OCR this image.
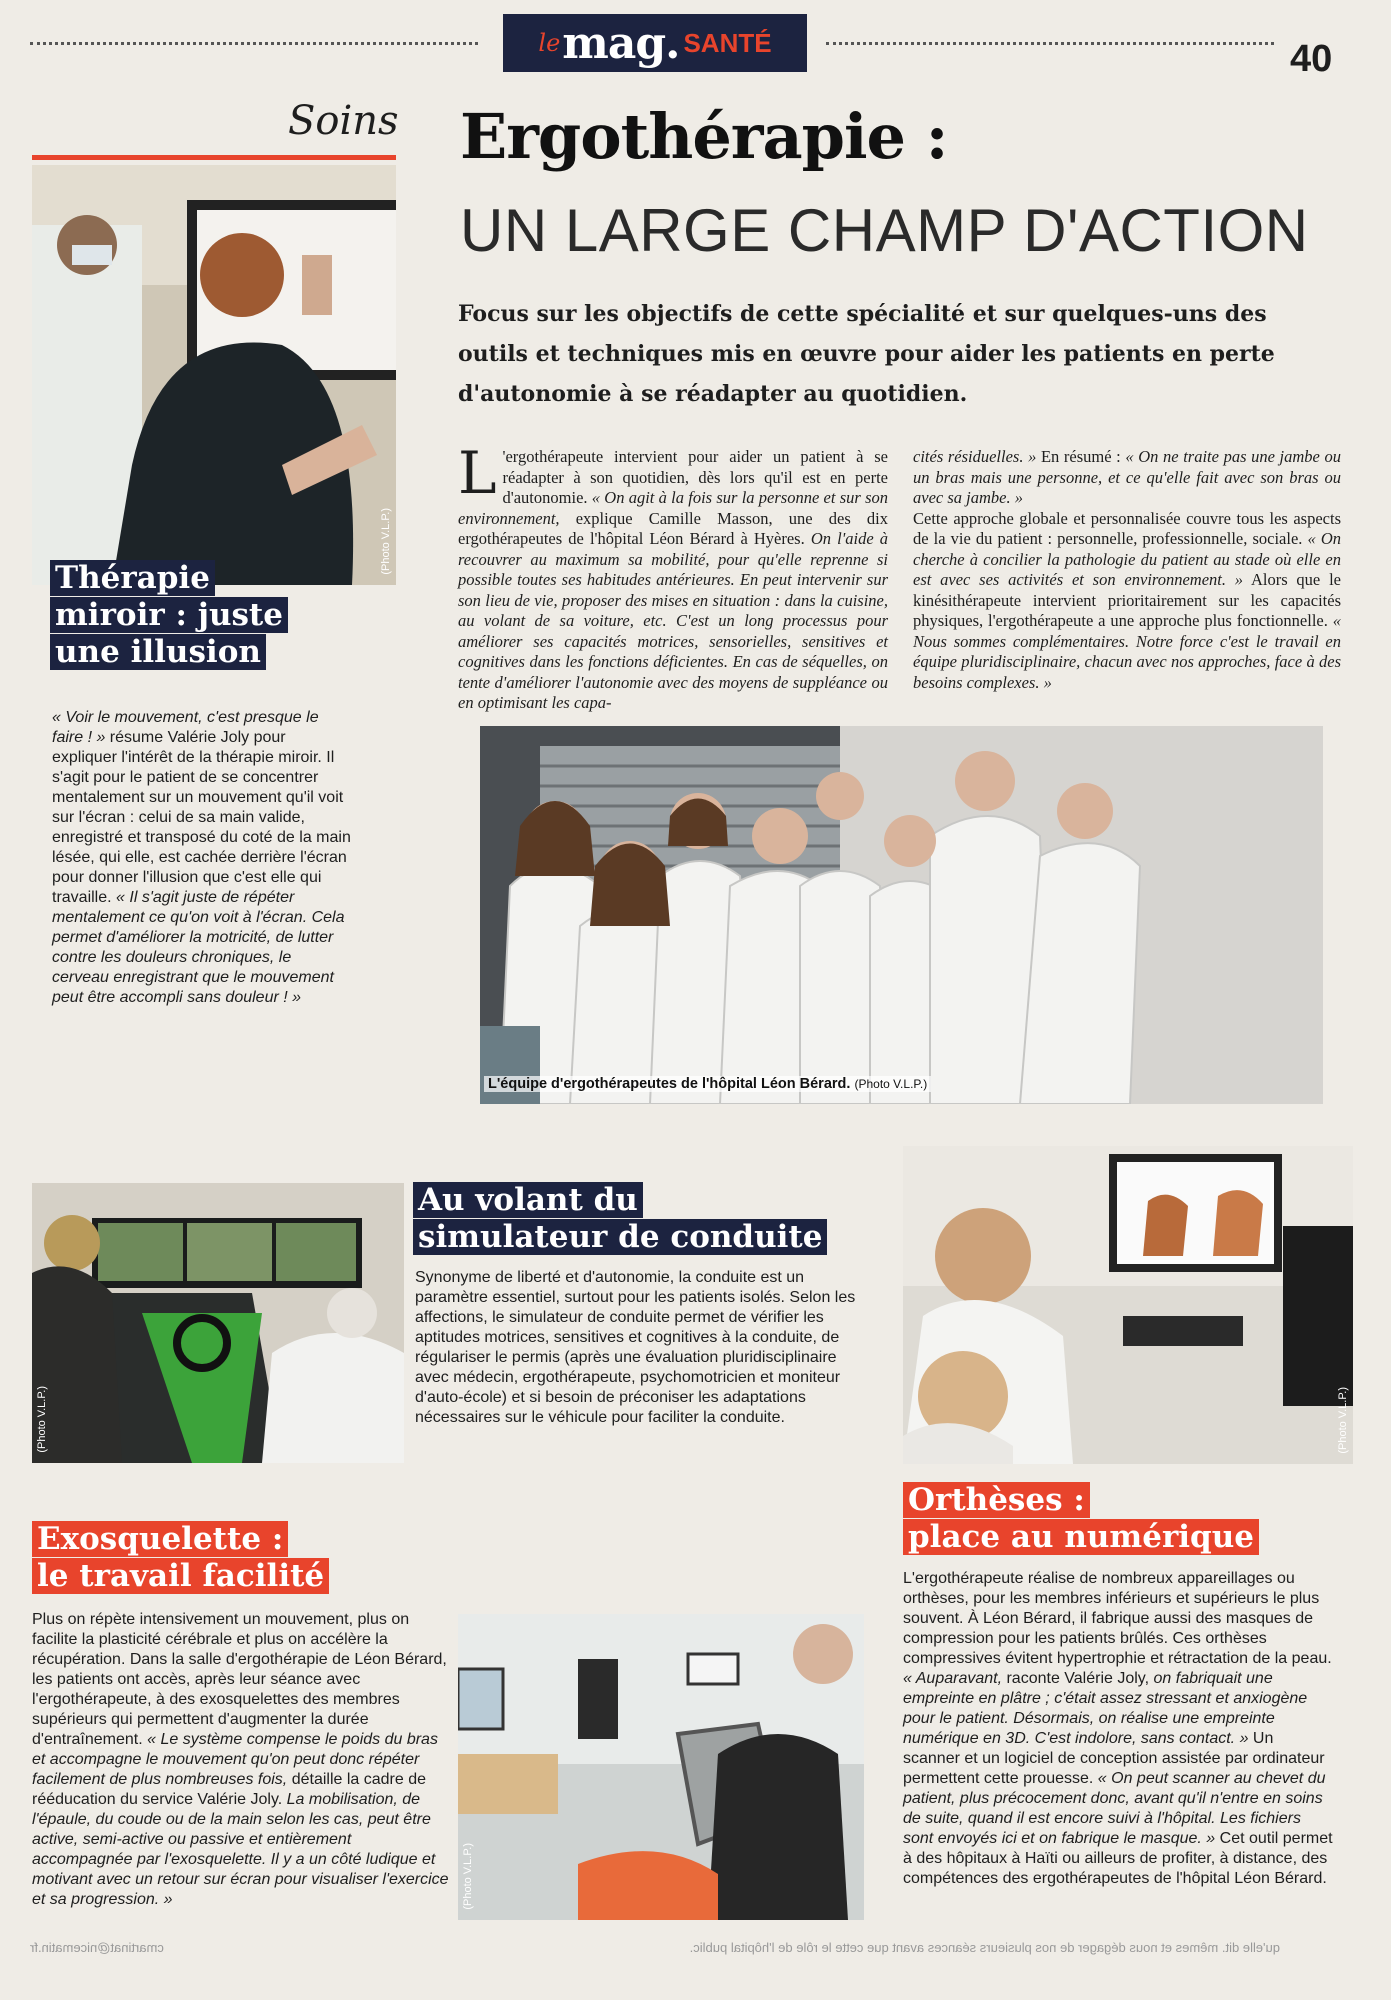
le mag. SANTÉ	40
Soins Ergothérapie :
UN LARGE CHAMP D'ACTION
Focus sur les objectifs de cette spécialité et sur quelques-uns des outils et techniques mis en œuvre pour aider les patients en perte d'autonomie à se réadapter au quotidien.
L 'ergothérapeute intervient pour aider un patient à se réadapter à son quotidien, dès lors qu'il est en perte d'autonomie. « On agit à la fois sur la personne et sur son environnement, explique Camille Masson, une des dix ergothérapeutes de l'hôpital Léon Bérard à Hyères. On l'aide à recouvrer au maximum sa mobilité, pour qu'elle reprenne si possible toutes ses habitudes antérieures. En peut intervenir sur son lieu de vie, proposer des mises en situation : dans la cuisine, au volant de sa voiture, etc. C'est un long processus pour améliorer ses capacités motrices, sensorielles, sensitives et cognitives dans les fonctions déficientes. En cas de séquelles, on tente d'améliorer l'autonomie avec des moyens de suppléance ou en optimisant les capa-
cités résiduelles. » En résumé : « On ne traite pas une jambe ou un bras mais une personne, et ce qu'elle fait avec son bras ou avec sa jambe. »
Cette approche globale et personnalisée couvre tous les aspects de la vie du patient : personnelle, professionnelle, sociale. « On cherche à concilier la pathologie du patient au stade où elle en est avec ses activités et son environnement. » Alors que le kinésithérapeute intervient prioritairement sur les capacités physiques, l'ergothérapeute a une approche plus fonctionnelle. « Nous sommes complémentaires. Notre force c'est le travail en équipe pluridisciplinaire, chacun avec nos approches, face à des besoins complexes. »
(Photo V.L.P.)
Thérapie
miroir : juste
une illusion
« Voir le mouvement, c'est presque le faire ! » résume Valérie Joly pour expliquer l'intérêt de la thérapie miroir. Il s'agit pour le patient de se concentrer mentalement sur un mouvement qu'il voit sur l'écran : celui de sa main valide, enregistré et transposé du coté de la main lésée, qui elle, est cachée derrière l'écran pour donner l'illusion que c'est elle qui travaille. « Il s'agit juste de répéter mentalement ce qu'on voit à l'écran. Cela permet d'améliorer la motricité, de lutter contre les douleurs chroniques, le cerveau enregistrant que le mouvement peut être accompli sans douleur ! »
L'équipe d'ergothérapeutes de l'hôpital Léon Bérard. (Photo V.L.P.)
(Photo V.L.P.)
Au volant du
simulateur de conduite
Synonyme de liberté et d'autonomie, la conduite est un paramètre essentiel, surtout pour les patients isolés. Selon les affections, le simulateur de conduite permet de vérifier les aptitudes motrices, sensitives et cognitives à la conduite, de régulariser le permis (après une évaluation pluridisciplinaire avec médecin, ergothérapeute, psychomotricien et moniteur d'auto-école) et si besoin de préconiser les adaptations nécessaires sur le véhicule pour faciliter la conduite.	(Photo V.L.P.)
Exosquelette :
le travail facilité
Plus on répète intensivement un mouvement, plus on facilite la plasticité cérébrale et plus on accélère la récupération. Dans la salle d'ergothérapie de Léon Bérard, les patients ont accès, après leur séance avec l'ergothérapeute, à des exosquelettes des membres supérieurs qui permettent d'augmenter la durée d'entraînement. « Le système compense le poids du bras et accompagne le mouvement qu'on peut donc répéter facilement de plus nombreuses fois, détaille la cadre de rééducation du service Valérie Joly. La mobilisation, de l'épaule, du coude ou de la main selon les cas, peut être active, semi-active ou passive et entièrement accompagnée par l'exosquelette. Il y a un côté ludique et motivant avec un retour sur écran pour visualiser l'exercice et sa progression. »	(Photo V.L.P.)
Orthèses :
place au numérique
L'ergothérapeute réalise de nombreux appareillages ou orthèses, pour les membres inférieurs et supérieurs le plus souvent. À Léon Bérard, il fabrique aussi des masques de compression pour les patients brûlés. Ces orthèses compressives évitent hypertrophie et rétractation de la peau. « Auparavant, raconte Valérie Joly, on fabriquait une empreinte en plâtre ; c'était assez stressant et anxiogène pour le patient. Désormais, on réalise une empreinte numérique en 3D. C'est indolore, sans contact. » Un scanner et un logiciel de conception assistée par ordinateur permettent cette prouesse. « On peut scanner au chevet du patient, plus précocement donc, avant qu'il n'entre en soins de suite, quand il est encore suivi à l'hôpital. Les fichiers sont envoyés ici et on fabrique le masque. » Cet outil permet à des hôpitaux à Haïti ou ailleurs de profiter, à distance, des compétences des ergothérapeutes de l'hôpital Léon Bérard.
cmartinat@nicematin.fr	qu'elle dit. mêmes et nous dégager de nos plusieurs séances avant que cette le rôle de l'hôpital public.
